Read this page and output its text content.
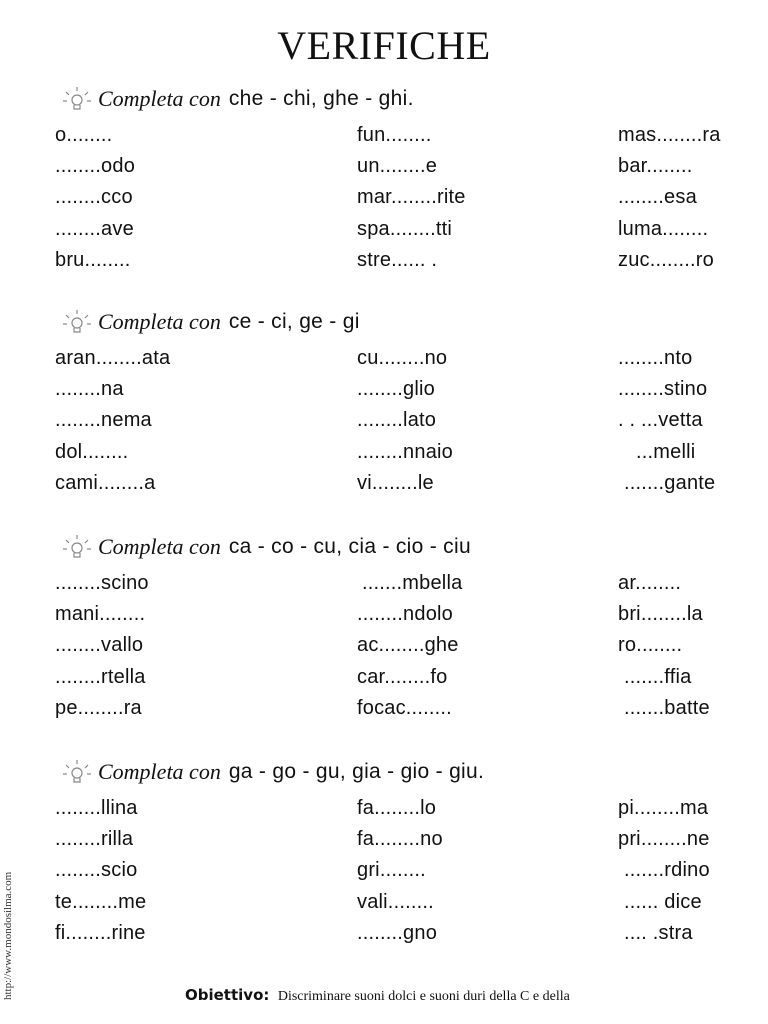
VERIFICHE
Completa con che - chi, ghe - ghi.
o........	fun........	mas........ra
........odo	un........e	bar........
........cco	mar........rite	........esa
........ave	spa........tti	luma........
bru........	stre...... .	zuc........ro
Completa con ce - ci, ge - gi
aran........ata	cu........no	........nto
........na	........glio	........stino
........nema	........lato	. . ...vetta
dol........	........nnaio	...melli
cami........a	vi........le	.......gante
Completa con ca - co - cu, cia - cio - ciu
........scino	.......mbella	ar........
mani........	........ndolo	bri........la
........vallo	ac........ghe	ro........
........rtella	car........fo	.......ffia
pe........ra	focac........	.......batte
Completa con ga - go - gu, gia - gio - giu.
........llina	fa........lo	pi........ma
........rilla	fa........no	pri........ne
........scio	gri........	.......rdino
te........me	vali........	...... dice
fi........rine	........gno	.... .stra
http://www.mondosilma.com	Obiettivo: Discriminare suoni dolci e suoni duri della C e della
